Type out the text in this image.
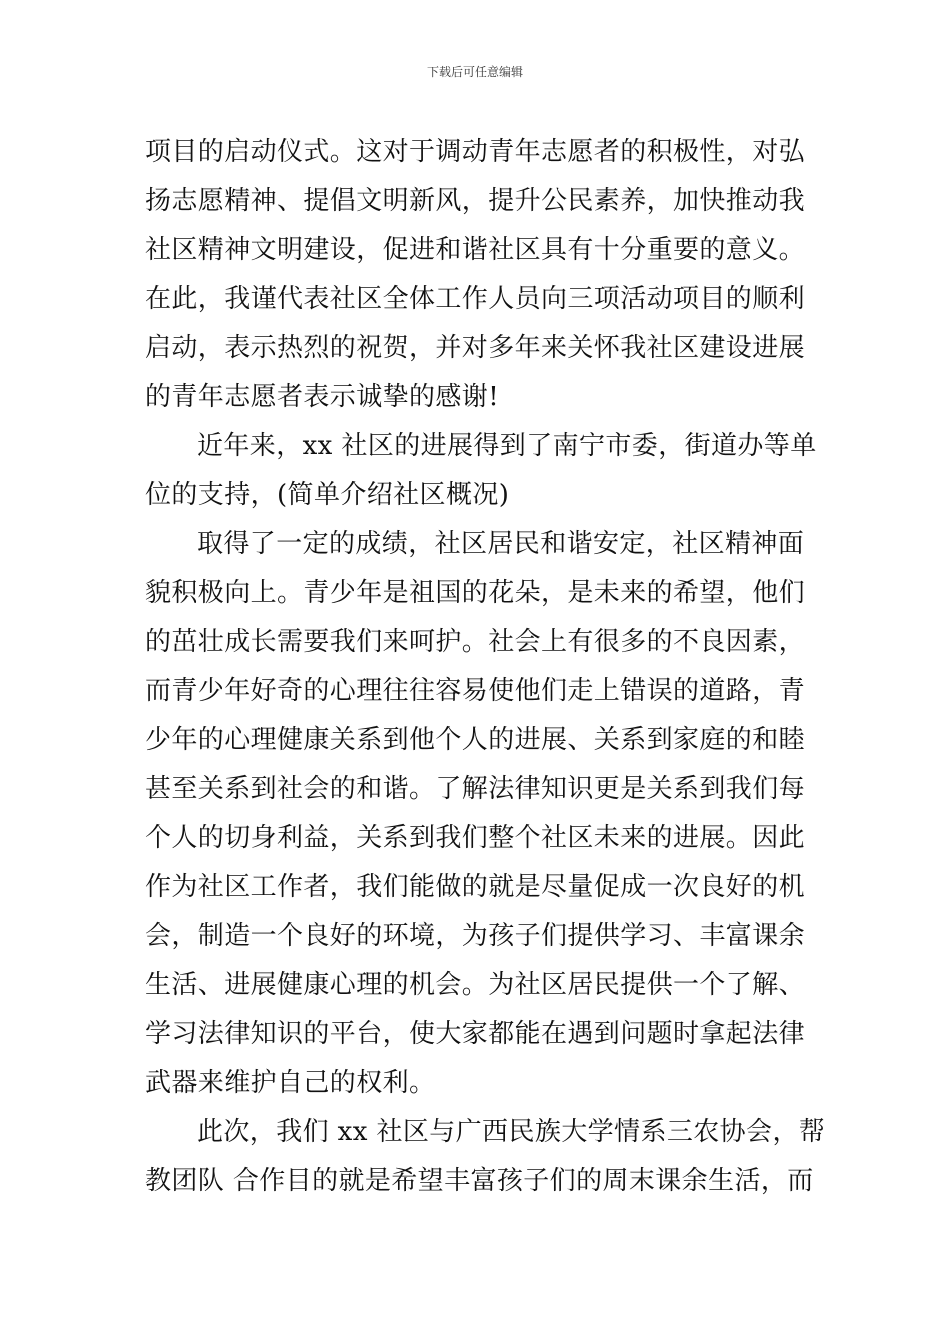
下载后可任意编辑
项目的启动仪式。这对于调动青年志愿者的积极性，对弘
扬志愿精神、提倡文明新风，提升公民素养，加快推动我
社区精神文明建设，促进和谐社区具有十分重要的意义。
在此，我谨代表社区全体工作人员向三项活动项目的顺利
启动，表示热烈的祝贺，并对多年来关怀我社区建设进展
的青年志愿者表示诚挚的感谢!
近年来，xx 社区的进展得到了南宁市委，街道办等单
位的支持，(简单介绍社区概况)
取得了一定的成绩，社区居民和谐安定，社区精神面
貌积极向上。青少年是祖国的花朵，是未来的希望，他们
的茁壮成长需要我们来呵护。社会上有很多的不良因素，
而青少年好奇的心理往往容易使他们走上错误的道路，青
少年的心理健康关系到他个人的进展、关系到家庭的和睦
甚至关系到社会的和谐。了解法律知识更是关系到我们每
个人的切身利益，关系到我们整个社区未来的进展。因此
作为社区工作者，我们能做的就是尽量促成一次良好的机
会，制造一个良好的环境，为孩子们提供学习、丰富课余
生活、进展健康心理的机会。为社区居民提供一个了解、
学习法律知识的平台，使大家都能在遇到问题时拿起法律
武器来维护自己的权利。
此次，我们 xx 社区与广西民族大学情系三农协会，帮
教团队 合作目的就是希望丰富孩子们的周末课余生活，而
